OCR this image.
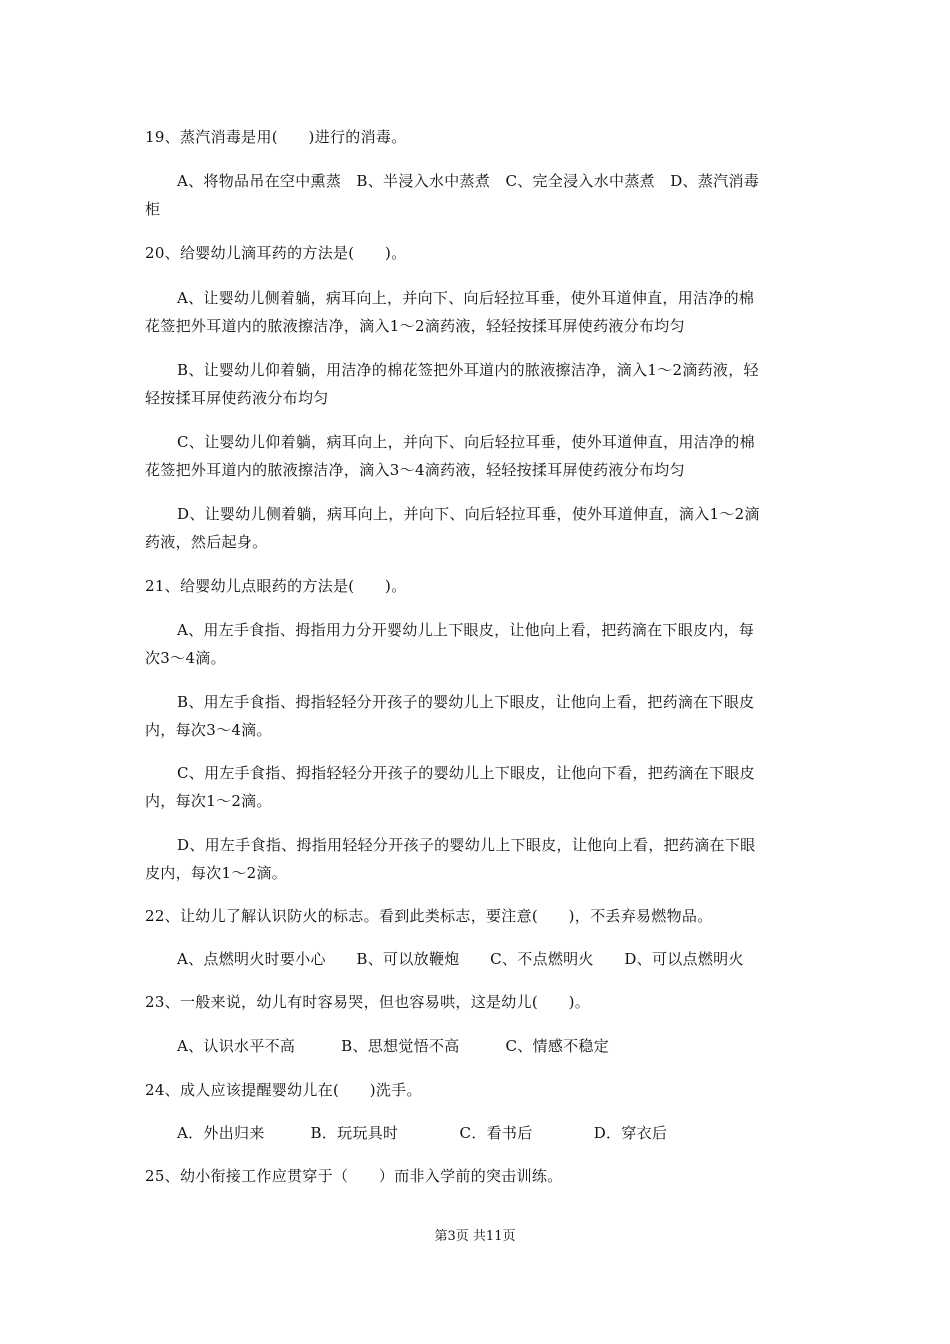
19、蒸汽消毒是用(　　)进行的消毒。
A、将物品吊在空中熏蒸　B、半浸入水中蒸煮　C、完全浸入水中蒸煮　D、蒸汽消毒
柜
20、给婴幼儿滴耳药的方法是(　　)。
A、让婴幼儿侧着躺，病耳向上，并向下、向后轻拉耳垂，使外耳道伸直，用洁净的棉
花签把外耳道内的脓液擦洁净，滴入1～2滴药液，轻轻按揉耳屏使药液分布均匀
B、让婴幼儿仰着躺，用洁净的棉花签把外耳道内的脓液擦洁净，滴入1～2滴药液，轻
轻按揉耳屏使药液分布均匀
C、让婴幼儿仰着躺，病耳向上，并向下、向后轻拉耳垂，使外耳道伸直，用洁净的棉
花签把外耳道内的脓液擦洁净，滴入3～4滴药液，轻轻按揉耳屏使药液分布均匀
D、让婴幼儿侧着躺，病耳向上，并向下、向后轻拉耳垂，使外耳道伸直，滴入1～2滴
药液，然后起身。
21、给婴幼儿点眼药的方法是(　　)。
A、用左手食指、拇指用力分开婴幼儿上下眼皮，让他向上看，把药滴在下眼皮内，每
次3～4滴。
B、用左手食指、拇指轻轻分开孩子的婴幼儿上下眼皮，让他向上看，把药滴在下眼皮
内，每次3～4滴。
C、用左手食指、拇指轻轻分开孩子的婴幼儿上下眼皮，让他向下看，把药滴在下眼皮
内，每次1～2滴。
D、用左手食指、拇指用轻轻分开孩子的婴幼儿上下眼皮，让他向上看，把药滴在下眼
皮内，每次1～2滴。
22、让幼儿了解认识防火的标志。看到此类标志，要注意(　　)，不丢弃易燃物品。
A、点燃明火时要小心　　B、可以放鞭炮　　C、不点燃明火　　D、可以点燃明火
23、一般来说，幼儿有时容易哭，但也容易哄，这是幼儿(　　)。
A、认识水平不高　　　B、思想觉悟不高　　　C、情感不稳定
24、成人应该提醒婴幼儿在(　　)洗手。
A．外出归来　　　B．玩玩具时　　　　C．看书后　　　　D．穿衣后
25、幼小衔接工作应贯穿于（　　）而非入学前的突击训练。
第3页 共11页
